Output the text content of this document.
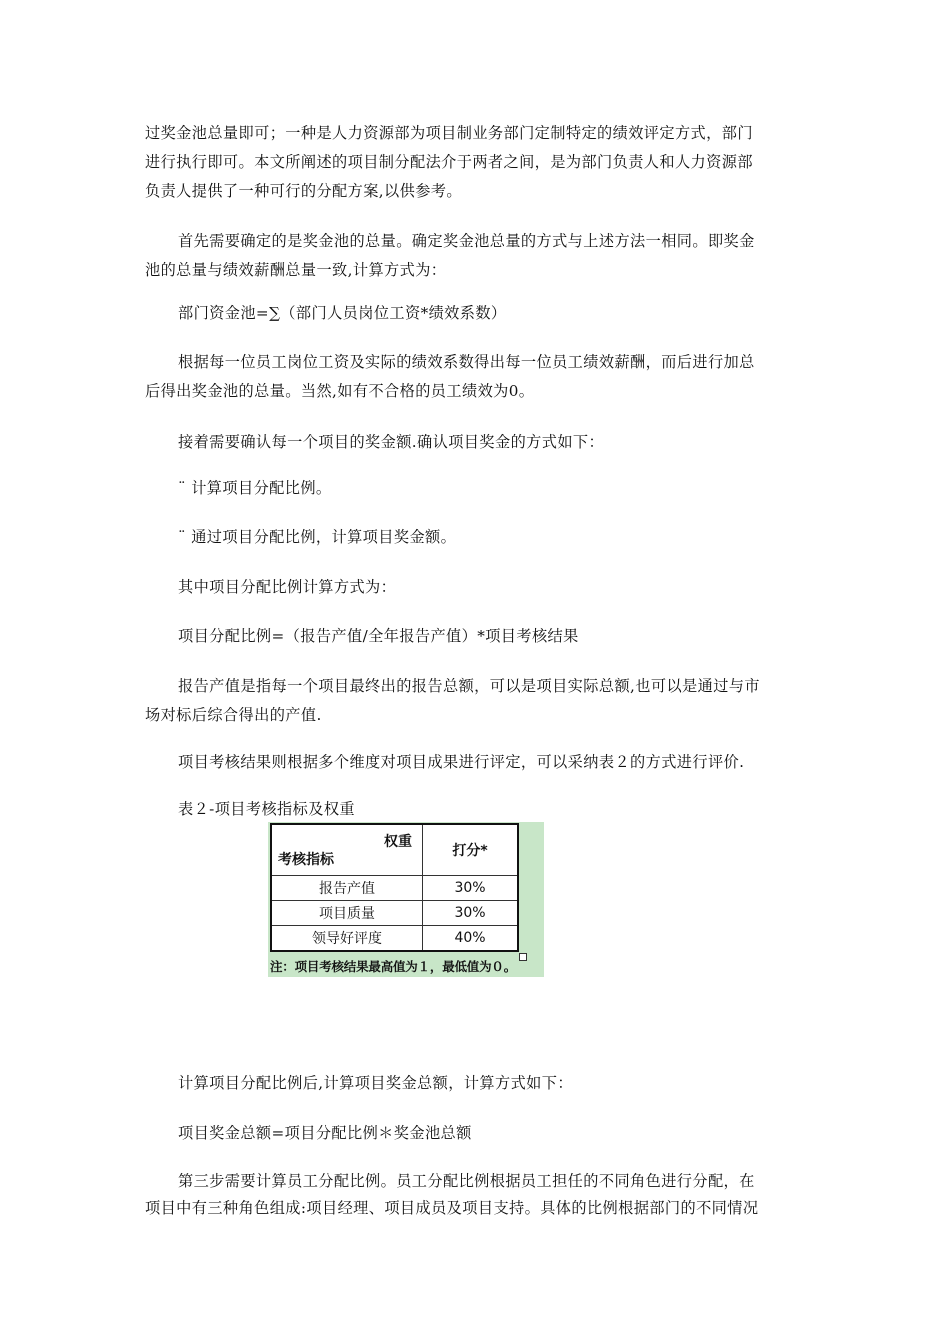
过奖金池总量即可；一种是人力资源部为项目制业务部门定制特定的绩效评定方式，部门
进行执行即可。本文所阐述的项目制分配法介于两者之间，是为部门负责人和人力资源部
负责人提供了一种可行的分配方案,以供参考。
首先需要确定的是奖金池的总量。确定奖金池总量的方式与上述方法一相同。即奖金
池的总量与绩效薪酬总量一致,计算方式为：
部门资金池=∑（部门人员岗位工资*绩效系数）
根据每一位员工岗位工资及实际的绩效系数得出每一位员工绩效薪酬，而后进行加总
后得出奖金池的总量。当然,如有不合格的员工绩效为0。
接着需要确认每一个项目的奖金额.确认项目奖金的方式如下：
¨ 计算项目分配比例。
¨ 通过项目分配比例，计算项目奖金额。
其中项目分配比例计算方式为：
项目分配比例=（报告产值/全年报告产值）*项目考核结果
报告产值是指每一个项目最终出的报告总额，可以是项目实际总额,也可以是通过与市
场对标后综合得出的产值.
项目考核结果则根据多个维度对项目成果进行评定，可以采纳表２的方式进行评价.
表２-项目考核指标及权重
计算项目分配比例后,计算项目奖金总额，计算方式如下：
项目奖金总额=项目分配比例＊奖金池总额
第三步需要计算员工分配比例。员工分配比例根据员工担任的不同角色进行分配，在
项目中有三种角色组成:项目经理、项目成员及项目支持。具体的比例根据部门的不同情况
权重
考核指标	打分*
报告产值	30%
项目质量	30%
领导好评度	40%
注：项目考核结果最高值为１，最低值为０。
